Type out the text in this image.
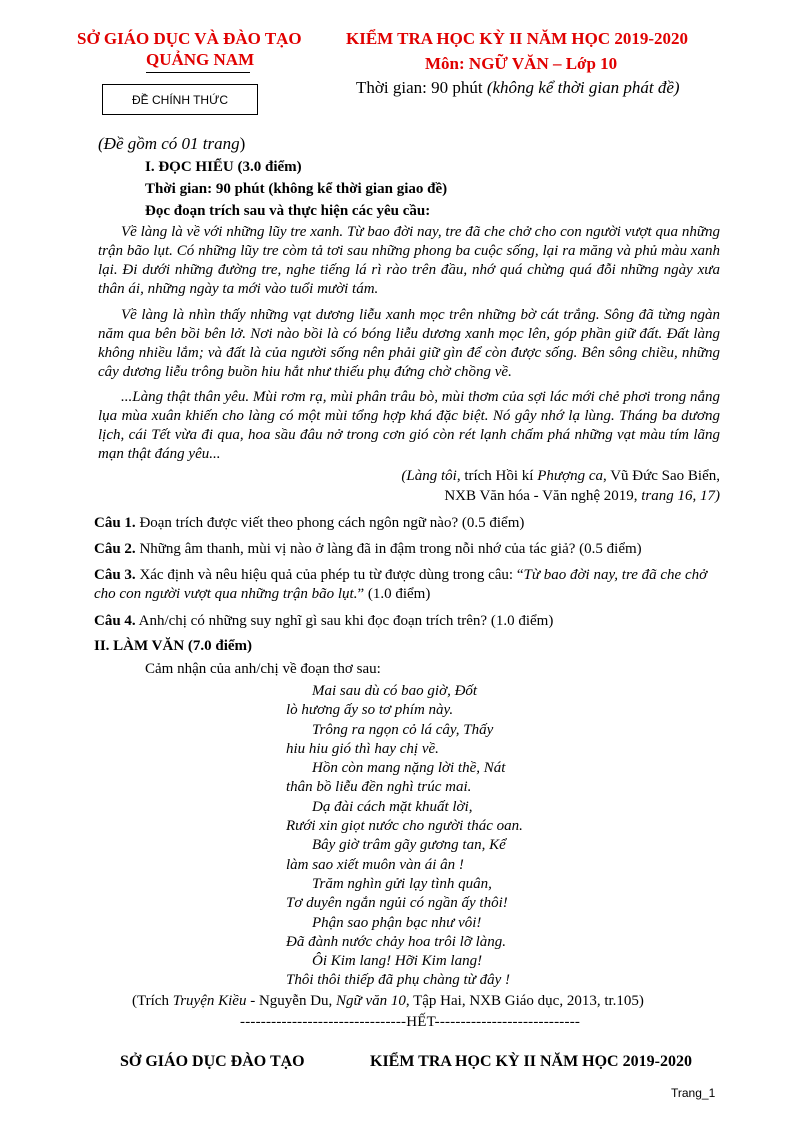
SỞ GIÁO DỤC VÀ ĐÀO TẠO
QUẢNG NAM
KIỂM TRA HỌC KỲ II NĂM HỌC 2019-2020
Môn: NGỮ VĂN – Lớp 10
Thời gian: 90 phút (không kể thời gian phát đề)
ĐỀ CHÍNH THỨC
(Đề gồm có 01 trang)
I. ĐỌC HIỂU (3.0 điểm)
Thời gian: 90 phút (không kể thời gian giao đề)
Đọc đoạn trích sau và thực hiện các yêu cầu:
Về làng là về với những lũy tre xanh. Từ bao đời nay, tre đã che chở cho con người vượt qua những trận bão lụt. Có những lũy tre còm tả tơi sau những phong ba cuộc sống, lại ra măng và phủ màu xanh lại. Đi dưới những đường tre, nghe tiếng lá rì rào trên đầu, nhớ quá chừng quá đỗi những ngày xưa thân ái, những ngày ta mới vào tuổi mười tám.
Về làng là nhìn thấy những vạt dương liễu xanh mọc trên những bờ cát trắng. Sông đã từng ngàn năm qua bên bồi bên lở. Nơi nào bồi là có bóng liễu dương xanh mọc lên, góp phần giữ đất. Đất làng không nhiều lắm; và đất là của người sống nên phải giữ gìn để còn được sống. Bên sông chiều, những cây dương liễu trông buồn hiu hắt như thiếu phụ đứng chờ chồng về.
...Làng thật thân yêu. Mùi rơm rạ, mùi phân trâu bò, mùi thơm của sợi lác mới chẻ phơi trong nắng lụa mùa xuân khiến cho làng có một mùi tổng hợp khá đặc biệt. Nó gây nhớ lạ lùng. Tháng ba dương lịch, cái Tết vừa đi qua, hoa sầu đâu nở trong cơn gió còn rét lạnh chấm phá những vạt màu tím lãng mạn thật đáng yêu...
(Làng tôi, trích Hồi kí Phượng ca, Vũ Đức Sao Biển,
NXB Văn hóa - Văn nghệ 2019, trang 16, 17)
Câu 1. Đoạn trích được viết theo phong cách ngôn ngữ nào? (0.5 điểm)
Câu 2. Những âm thanh, mùi vị nào ở làng đã in đậm trong nỗi nhớ của tác giả? (0.5 điểm)
Câu 3. Xác định và nêu hiệu quả của phép tu từ được dùng trong câu: “Từ bao đời nay, tre đã che chở cho con người vượt qua những trận bão lụt.” (1.0 điểm)
Câu 4. Anh/chị có những suy nghĩ gì sau khi đọc đoạn trích trên? (1.0 điểm)
II. LÀM VĂN (7.0 điểm)
Cảm nhận của anh/chị về đoạn thơ sau:
Mai sau dù có bao giờ, Đốt
lò hương ấy so tơ phím này.
Trông ra ngọn cỏ lá cây, Thấy
hiu hiu gió thì hay chị về.
Hồn còn mang nặng lời thề, Nát
thân bồ liễu đền nghì trúc mai.
Dạ đài cách mặt khuất lời,
Rưới xin giọt nước cho người thác oan.
Bây giờ trâm gãy gương tan, Kể
làm sao xiết muôn vàn ái ân !
Trăm nghìn gửi lạy tình quân,
Tơ duyên ngắn ngủi có ngần ấy thôi!
Phận sao phận bạc như vôi!
Đã đành nước chảy hoa trôi lỡ làng.
Ôi Kim lang! Hỡi Kim lang!
Thôi thôi thiếp đã phụ chàng từ đây !
(Trích Truyện Kiều - Nguyễn Du, Ngữ văn 10, Tập Hai, NXB Giáo dục, 2013, tr.105)
--------------------------------HẾT----------------------------
SỞ GIÁO DỤC ĐÀO TẠO	KIỂM TRA HỌC KỲ II NĂM HỌC 2019-2020
Trang_1
